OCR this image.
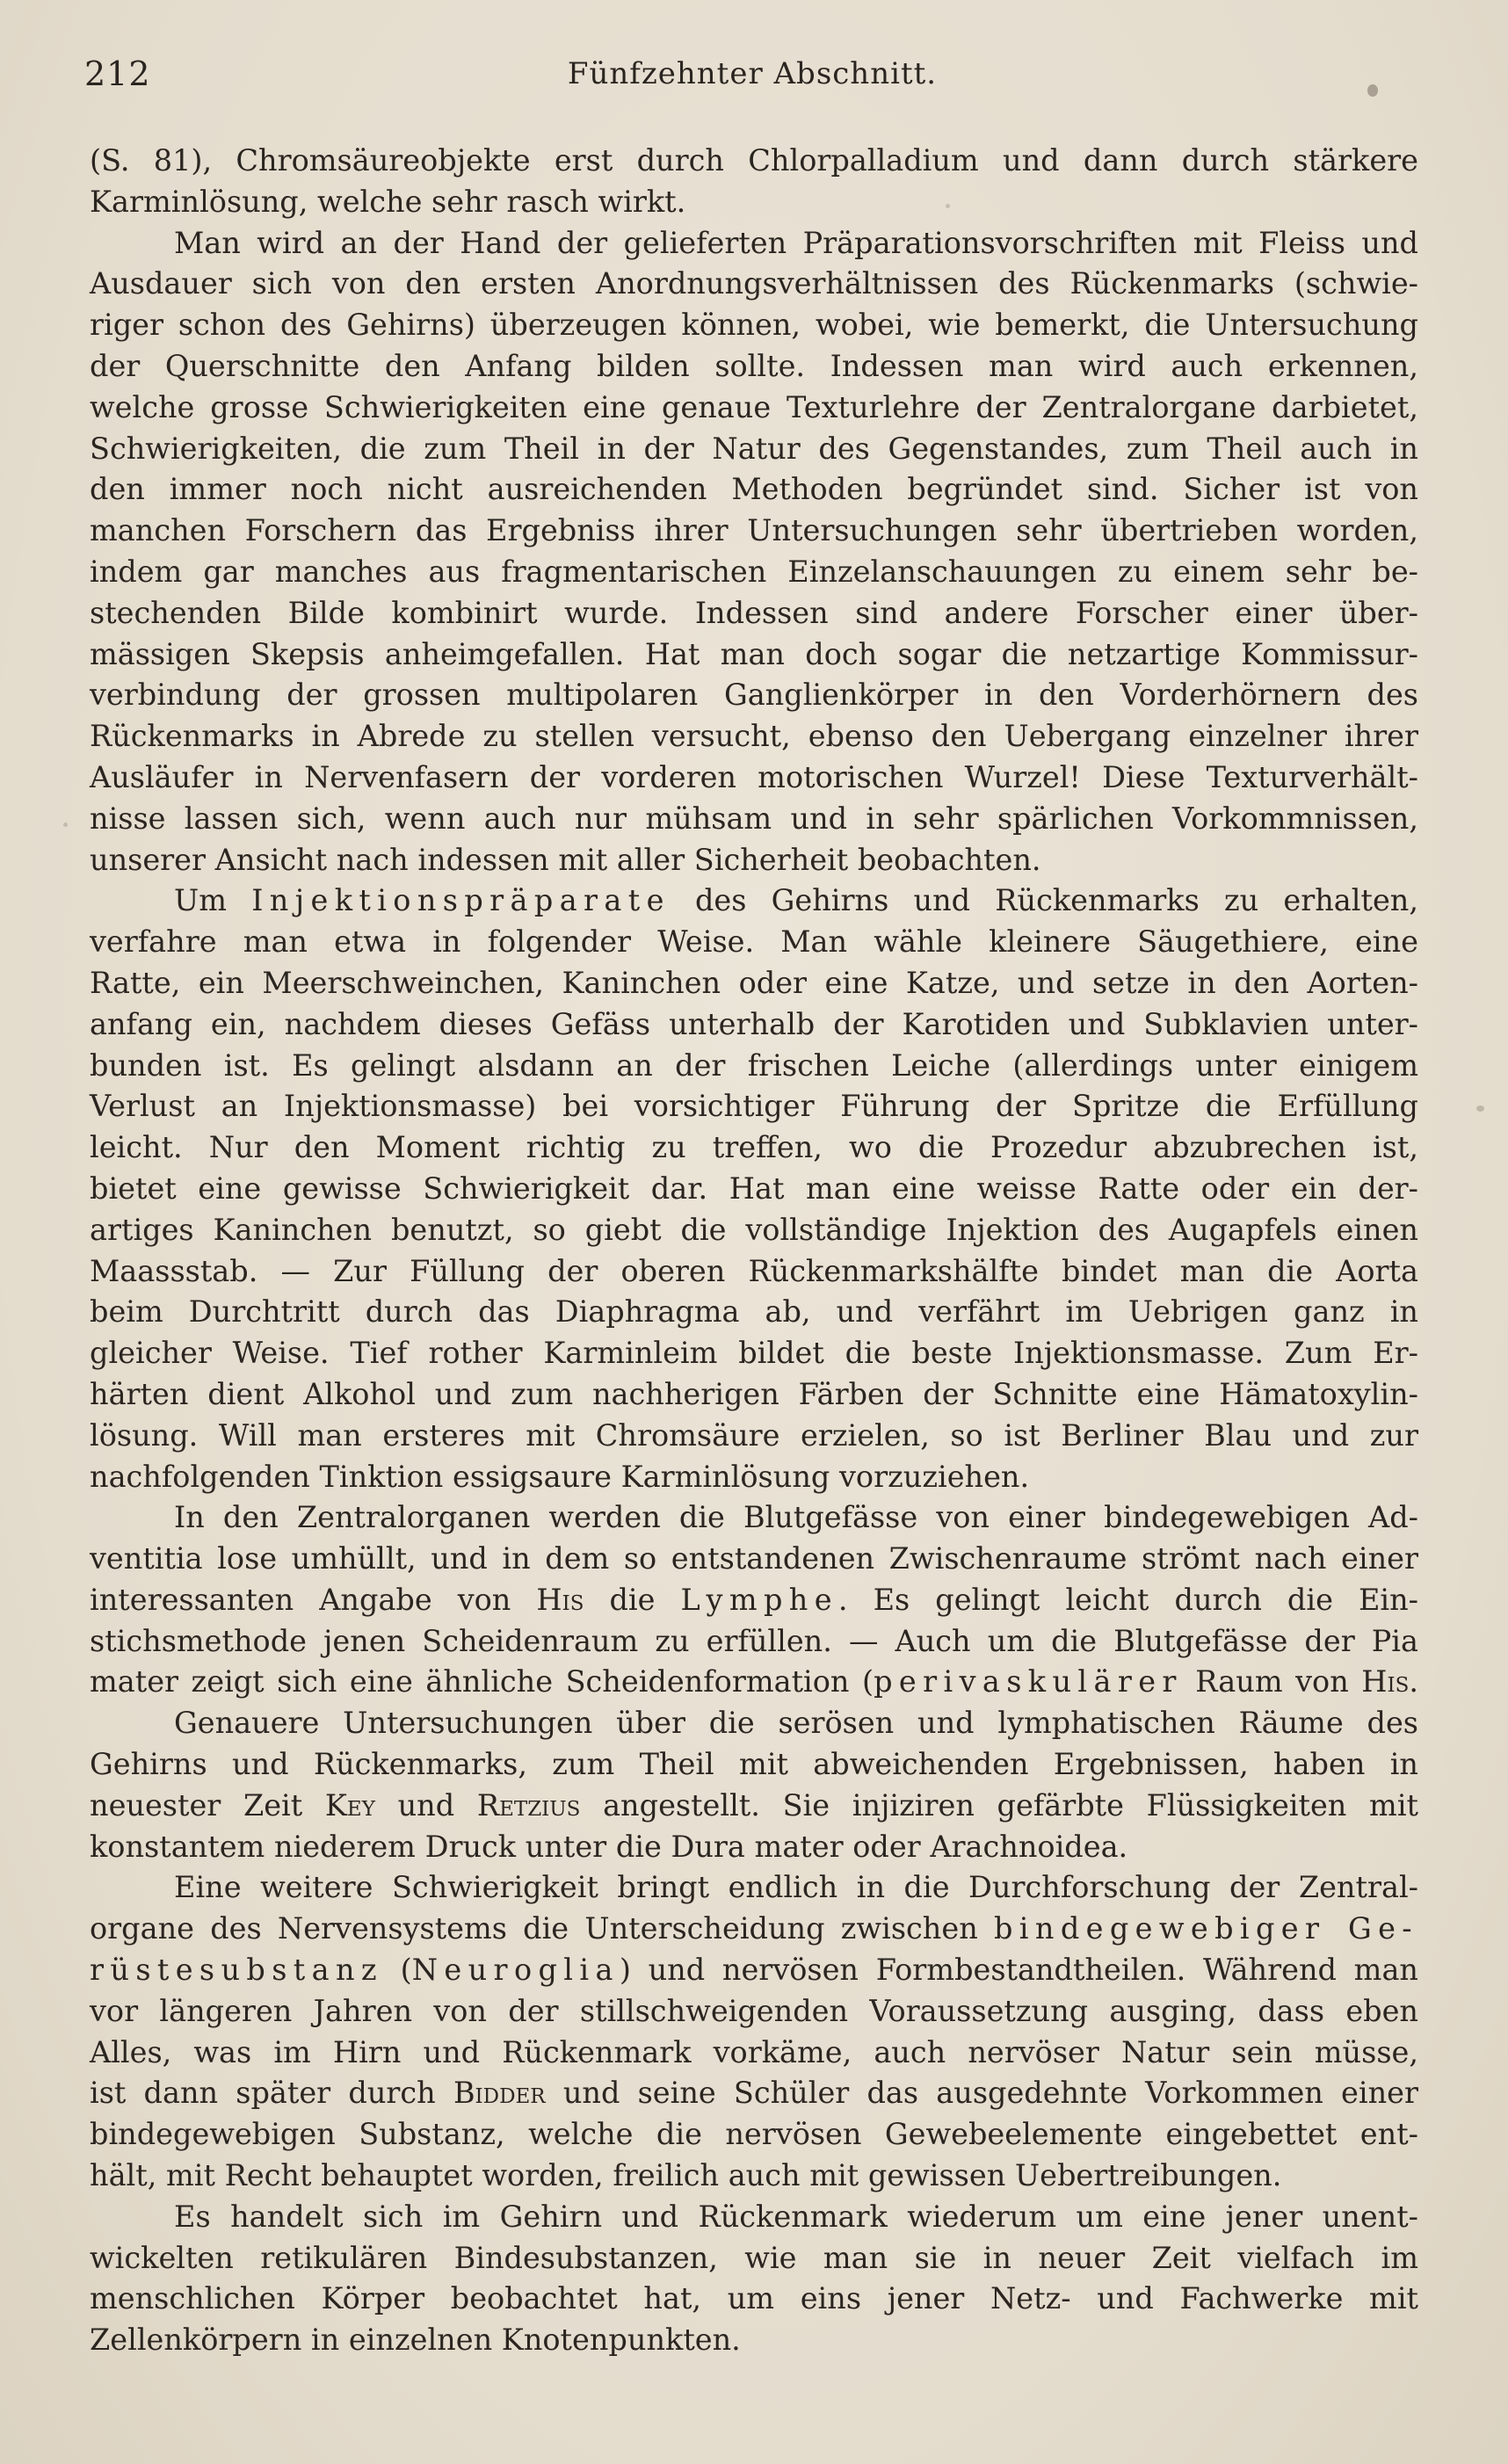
212	Fünfzehnter Abschnitt.
(S. 81), Chromsäureobjekte erst durch Chlorpalladium und dann durch stärkere
Karminlösung, welche sehr rasch wirkt.
Man wird an der Hand der gelieferten Präparationsvorschriften mit Fleiss und
Ausdauer sich von den ersten Anordnungsverhältnissen des Rückenmarks (schwie-
riger schon des Gehirns) überzeugen können, wobei, wie bemerkt, die Untersuchung
der Querschnitte den Anfang bilden sollte. Indessen man wird auch erkennen,
welche grosse Schwierigkeiten eine genaue Texturlehre der Zentralorgane darbietet,
Schwierigkeiten, die zum Theil in der Natur des Gegenstandes, zum Theil auch in
den immer noch nicht ausreichenden Methoden begründet sind. Sicher ist von
manchen Forschern das Ergebniss ihrer Untersuchungen sehr übertrieben worden,
indem gar manches aus fragmentarischen Einzelanschauungen zu einem sehr be-
stechenden Bilde kombinirt wurde. Indessen sind andere Forscher einer über-
mässigen Skepsis anheimgefallen. Hat man doch sogar die netzartige Kommissur-
verbindung der grossen multipolaren Ganglienkörper in den Vorderhörnern des
Rückenmarks in Abrede zu stellen versucht, ebenso den Uebergang einzelner ihrer
Ausläufer in Nervenfasern der vorderen motorischen Wurzel! Diese Texturverhält-
nisse lassen sich, wenn auch nur mühsam und in sehr spärlichen Vorkommnissen,
unserer Ansicht nach indessen mit aller Sicherheit beobachten.
Um Injektionspräparate des Gehirns und Rückenmarks zu erhalten,
verfahre man etwa in folgender Weise. Man wähle kleinere Säugethiere, eine
Ratte, ein Meerschweinchen, Kaninchen oder eine Katze, und setze in den Aorten-
anfang ein, nachdem dieses Gefäss unterhalb der Karotiden und Subklavien unter-
bunden ist. Es gelingt alsdann an der frischen Leiche (allerdings unter einigem
Verlust an Injektionsmasse) bei vorsichtiger Führung der Spritze die Erfüllung
leicht. Nur den Moment richtig zu treffen, wo die Prozedur abzubrechen ist,
bietet eine gewisse Schwierigkeit dar. Hat man eine weisse Ratte oder ein der-
artiges Kaninchen benutzt, so giebt die vollständige Injektion des Augapfels einen
Maassstab. — Zur Füllung der oberen Rückenmarkshälfte bindet man die Aorta
beim Durchtritt durch das Diaphragma ab, und verfährt im Uebrigen ganz in
gleicher Weise. Tief rother Karminleim bildet die beste Injektionsmasse. Zum Er-
härten dient Alkohol und zum nachherigen Färben der Schnitte eine Hämatoxylin-
lösung. Will man ersteres mit Chromsäure erzielen, so ist Berliner Blau und zur
nachfolgenden Tinktion essigsaure Karminlösung vorzuziehen.
In den Zentralorganen werden die Blutgefässe von einer bindegewebigen Ad-
ventitia lose umhüllt, und in dem so entstandenen Zwischenraume strömt nach einer
interessanten Angabe von His die Lymphe. Es gelingt leicht durch die Ein-
stichsmethode jenen Scheidenraum zu erfüllen. — Auch um die Blutgefässe der Pia
mater zeigt sich eine ähnliche Scheidenformation (perivaskulärer Raum von His.
Genauere Untersuchungen über die serösen und lymphatischen Räume des
Gehirns und Rückenmarks, zum Theil mit abweichenden Ergebnissen, haben in
neuester Zeit Key und Retzius angestellt. Sie injiziren gefärbte Flüssigkeiten mit
konstantem niederem Druck unter die Dura mater oder Arachnoidea.
Eine weitere Schwierigkeit bringt endlich in die Durchforschung der Zentral-
organe des Nervensystems die Unterscheidung zwischen bindegewebiger Ge-
rüstesubstanz (Neuroglia) und nervösen Formbestandtheilen. Während man
vor längeren Jahren von der stillschweigenden Voraussetzung ausging, dass eben
Alles, was im Hirn und Rückenmark vorkäme, auch nervöser Natur sein müsse,
ist dann später durch Bidder und seine Schüler das ausgedehnte Vorkommen einer
bindegewebigen Substanz, welche die nervösen Gewebeelemente eingebettet ent-
hält, mit Recht behauptet worden, freilich auch mit gewissen Uebertreibungen.
Es handelt sich im Gehirn und Rückenmark wiederum um eine jener unent-
wickelten retikulären Bindesubstanzen, wie man sie in neuer Zeit vielfach im
menschlichen Körper beobachtet hat, um eins jener Netz- und Fachwerke mit
Zellenkörpern in einzelnen Knotenpunkten.
